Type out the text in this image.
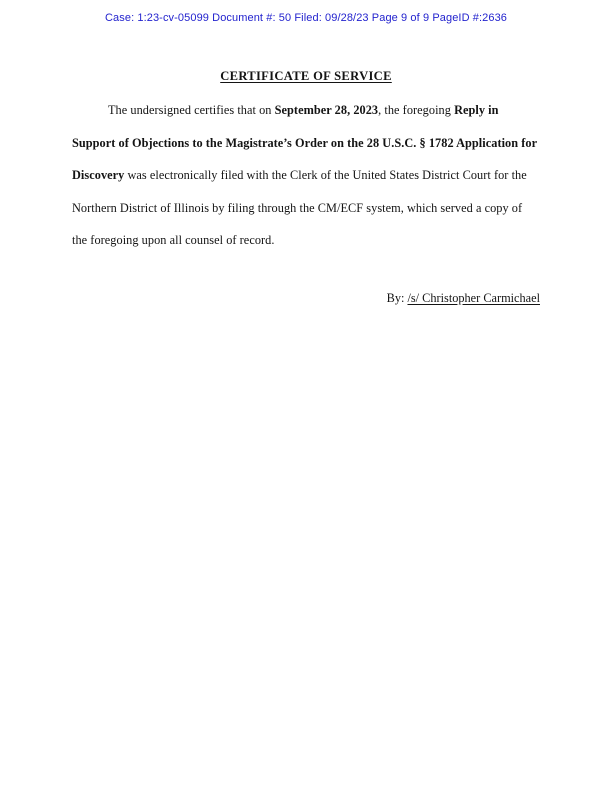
Case: 1:23-cv-05099 Document #: 50 Filed: 09/28/23 Page 9 of 9 PageID #:2636
CERTIFICATE OF SERVICE

The undersigned certifies that on September 28, 2023, the foregoing Reply in Support of Objections to the Magistrate’s Order on the 28 U.S.C. § 1782 Application for Discovery was electronically filed with the Clerk of the United States District Court for the Northern District of Illinois by filing through the CM/ECF system, which served a copy of the foregoing upon all counsel of record.

By: /s/ Christopher Carmichael
